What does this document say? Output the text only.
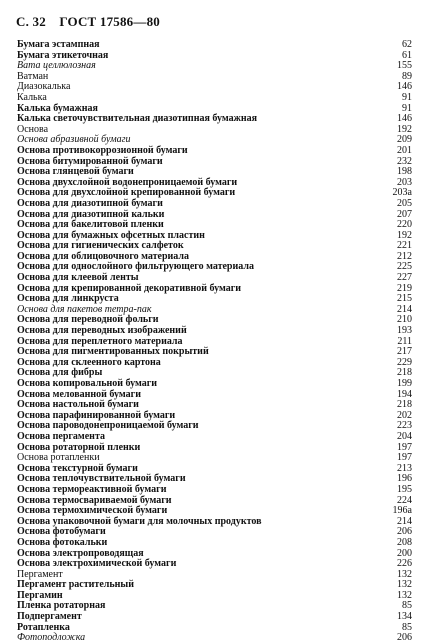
С. 32 ГОСТ 17586—80
Бумага эстампная	62
Бумага этикеточная	61
Вата целлюлозная	155
Ватман	89
Диазокалька	146
Калька	91
Калька бумажная	91
Калька светочувствительная диазотипная бумажная	146
Основа	192
Основа абразивной бумаги	209
Основа противокоррозионной бумаги	201
Основа битумированной бумаги	232
Основа глянцевой бумаги	198
Основа двухслойной водонепроницаемой бумаги	203
Основа для двухслойной крепированной бумаги	203а
Основа для диазотипной бумаги	205
Основа для диазотипной кальки	207
Основа для бакелитовой пленки	220
Основа для бумажных офсетных пластин	192
Основа для гигиенических салфеток	221
Основа для облицовочного материала	212
Основа для однослойного фильтрующего материала	225
Основа для клеевой ленты	227
Основа для крепированной декоративной бумаги	219
Основа для линкруста	215
Основа для пакетов тетра-пак	214
Основа для переводной фольги	210
Основа для переводных изображений	193
Основа для переплетного материала	211
Основа для пигментированных покрытий	217
Основа для склеенного картона	229
Основа для фибры	218
Основа копировальной бумаги	199
Основа мелованной бумаги	194
Основа настольной бумаги	218
Основа парафинированной бумаги	202
Основа пароводонепроницаемой бумаги	223
Основа пергамента	204
Основа ротаторной пленки	197
Основа ротапленки	197
Основа текстурной бумаги	213
Основа теплочувствительной бумаги	196
Основа термореактивной бумаги	195
Основа термосвариваемой бумаги	224
Основа термохимической бумаги	196а
Основа упаковочной бумаги для молочных продуктов	214
Основа фотобумаги	206
Основа фотокальки	208
Основа электропроводящая	200
Основа электрохимической бумаги	226
Пергамент	132
Пергамент растительный	132
Пергамин	132
Пленка ротаторная	85
Подпергамент	134
Ротапленка	85
Фотоподложка	206
